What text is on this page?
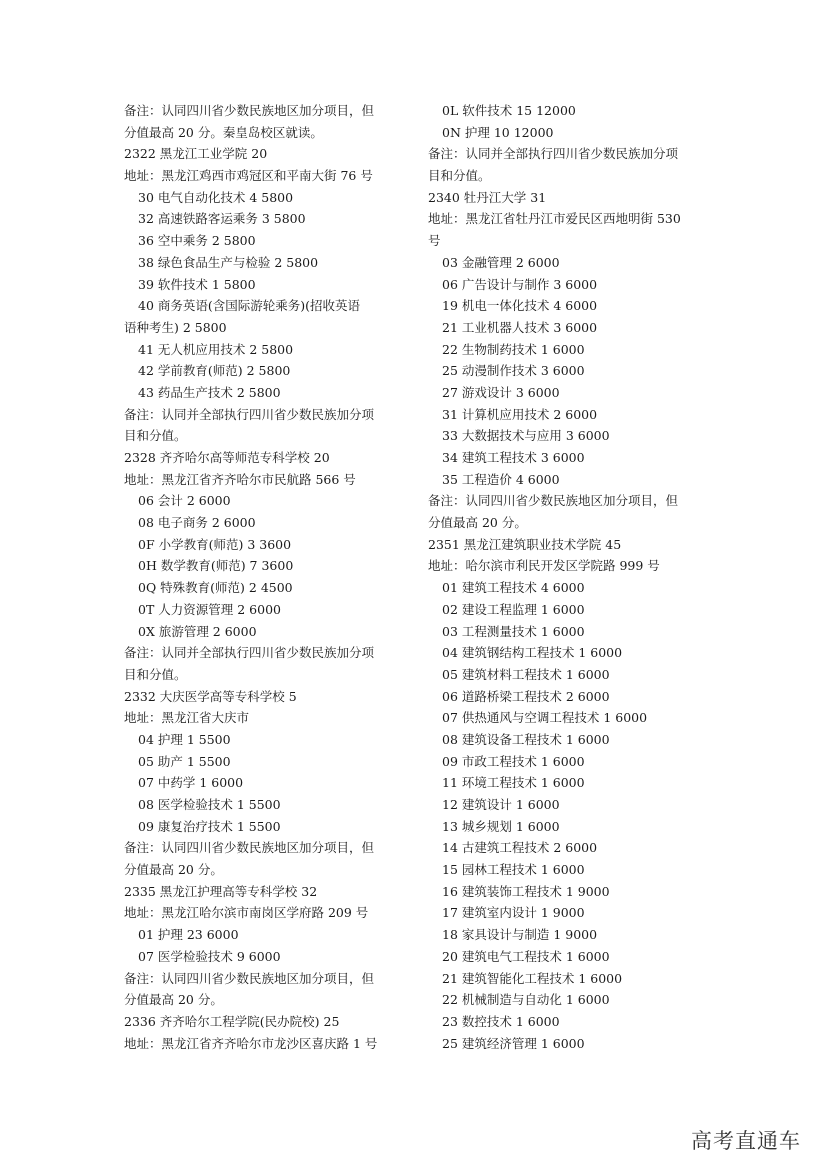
备注：认同四川省少数民族地区加分项目，但
分值最高 20 分。秦皇岛校区就读。
2322 黑龙江工业学院 20
地址：黑龙江鸡西市鸡冠区和平南大街 76 号
30 电气自动化技术 4 5800
32 高速铁路客运乘务 3 5800
36 空中乘务 2 5800
38 绿色食品生产与检验 2 5800
39 软件技术 1 5800
40 商务英语(含国际游轮乘务)(招收英语
语种考生) 2 5800
41 无人机应用技术 2 5800
42 学前教育(师范) 2 5800
43 药品生产技术 2 5800
备注：认同并全部执行四川省少数民族加分项
目和分值。
2328 齐齐哈尔高等师范专科学校 20
地址：黑龙江省齐齐哈尔市民航路 566 号
06 会计 2 6000
08 电子商务 2 6000
0F 小学教育(师范) 3 3600
0H 数学教育(师范) 7 3600
0Q 特殊教育(师范) 2 4500
0T 人力资源管理 2 6000
0X 旅游管理 2 6000
备注：认同并全部执行四川省少数民族加分项
目和分值。
2332 大庆医学高等专科学校 5
地址：黑龙江省大庆市
04 护理 1 5500
05 助产 1 5500
07 中药学 1 6000
08 医学检验技术 1 5500
09 康复治疗技术 1 5500
备注：认同四川省少数民族地区加分项目，但
分值最高 20 分。
2335 黑龙江护理高等专科学校 32
地址：黑龙江哈尔滨市南岗区学府路 209 号
01 护理 23 6000
07 医学检验技术 9 6000
备注：认同四川省少数民族地区加分项目，但
分值最高 20 分。
2336 齐齐哈尔工程学院(民办院校) 25
地址：黑龙江省齐齐哈尔市龙沙区喜庆路 1 号
0L 软件技术 15 12000
0N 护理 10 12000
备注：认同并全部执行四川省少数民族加分项
目和分值。
2340 牡丹江大学 31
地址：黑龙江省牡丹江市爱民区西地明街 530
号
03 金融管理 2 6000
06 广告设计与制作 3 6000
19 机电一体化技术 4 6000
21 工业机器人技术 3 6000
22 生物制药技术 1 6000
25 动漫制作技术 3 6000
27 游戏设计 3 6000
31 计算机应用技术 2 6000
33 大数据技术与应用 3 6000
34 建筑工程技术 3 6000
35 工程造价 4 6000
备注：认同四川省少数民族地区加分项目，但
分值最高 20 分。
2351 黑龙江建筑职业技术学院 45
地址：哈尔滨市利民开发区学院路 999 号
01 建筑工程技术 4 6000
02 建设工程监理 1 6000
03 工程测量技术 1 6000
04 建筑钢结构工程技术 1 6000
05 建筑材料工程技术 1 6000
06 道路桥梁工程技术 2 6000
07 供热通风与空调工程技术 1 6000
08 建筑设备工程技术 1 6000
09 市政工程技术 1 6000
11 环境工程技术 1 6000
12 建筑设计 1 6000
13 城乡规划 1 6000
14 古建筑工程技术 2 6000
15 园林工程技术 1 6000
16 建筑装饰工程技术 1 9000
17 建筑室内设计 1 9000
18 家具设计与制造 1 9000
20 建筑电气工程技术 1 6000
21 建筑智能化工程技术 1 6000
22 机械制造与自动化 1 6000
23 数控技术 1 6000
25 建筑经济管理 1 6000
高考直通车
